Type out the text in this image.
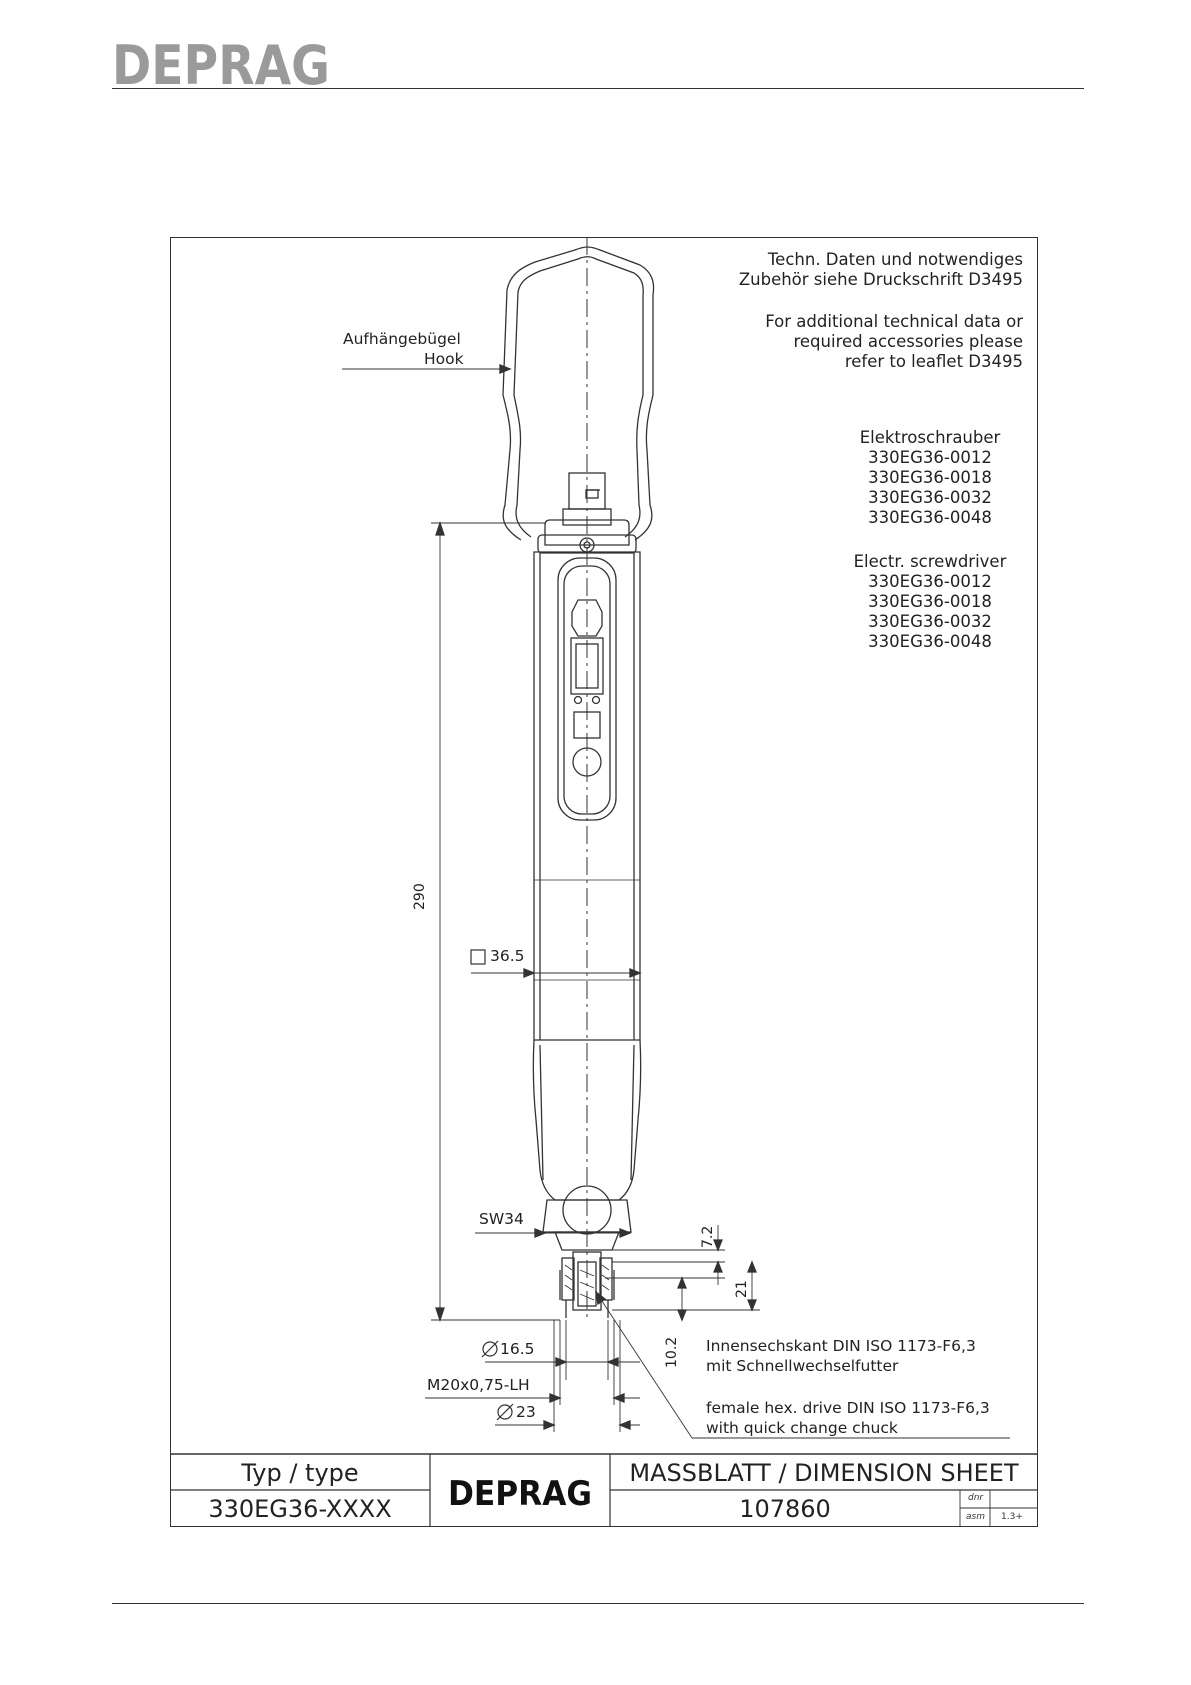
DEPRAG
Techn. Daten und notwendiges
Zubehör siehe Druckschrift D3495
For additional technical data or
required accessories please
refer to leaflet D3495
Elektroschrauber
330EG36-0012
330EG36-0018
330EG36-0032
330EG36-0048
Electr. screwdriver
330EG36-0012
330EG36-0018
330EG36-0032
330EG36-0048
Aufhängebügel
Hook
290
36.5
SW34
7.2
21
10.2
16.5
M20x0,75-LH
23
Innensechskant DIN ISO 1173-F6,3
mit Schnellwechselfutter
female hex. drive DIN ISO 1173-F6,3
with quick change chuck
Typ / type
330EG36-XXXX	DEPRAG
MASSBLATT / DIMENSION SHEET
107860	dnr
asm 1.3+
